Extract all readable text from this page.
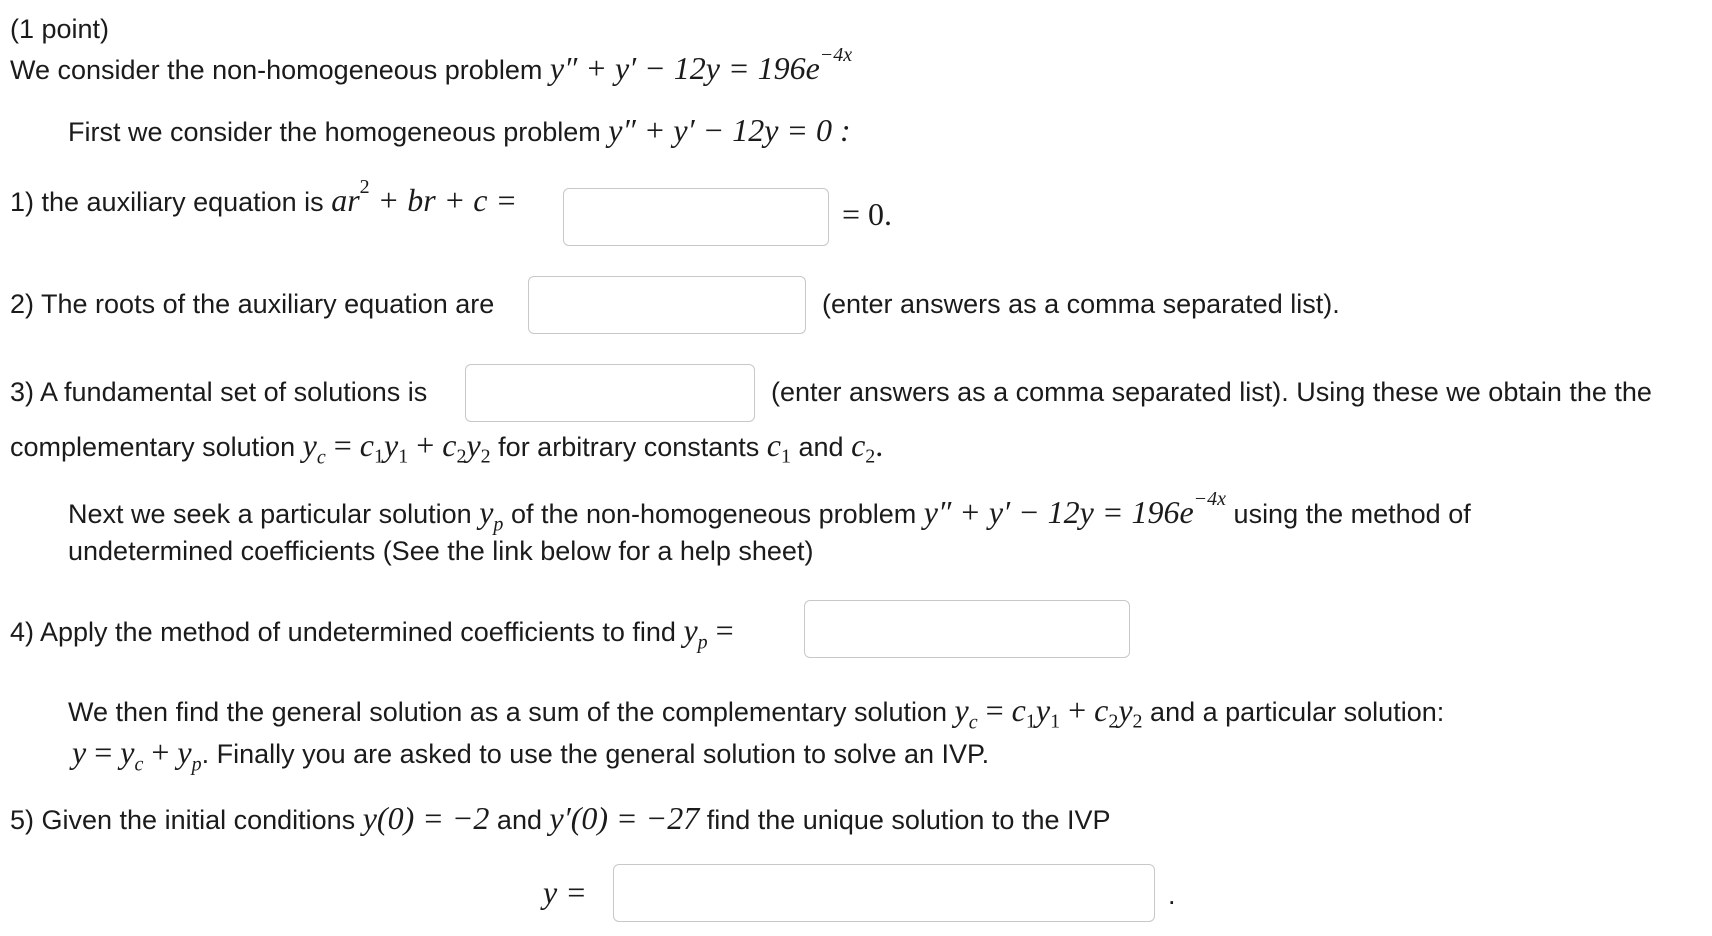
(1 point)
We consider the non-homogeneous problem $y'' + y' - 12y = 196e^{-4x}$
First we consider the homogeneous problem y″ + y′ − 12y = 0 :
1) the auxiliary equation is $ar^2$ + br + c =	= 0.
2) The roots of the auxiliary equation are	(enter answers as a comma separated list).
3) A fundamental set of solutions is	(enter answers as a comma separated list). Using these we obtain the the
complementary solution $y_c = c_1y_1 + c_2y_2$ for arbitrary constants $c_1$ and $c_2$.
Next we seek a particular solution $y_p$ of the non-homogeneous problem $y'' + y' - 12y = 196e^{-4x}$ using the method of
undetermined coefficients (See the link below for a help sheet)
4) Apply the method of undetermined coefficients to find $y_p$ =
We then find the general solution as a sum of the complementary solution $y_c = c_1y_1 + c_2y_2$ and a particular solution:
$y = y_c + y_p$. Finally you are asked to use the general solution to solve an IVP.
5) Given the initial conditions y(0) = −2 and y′(0) = −27 find the unique solution to the IVP
y =	.
